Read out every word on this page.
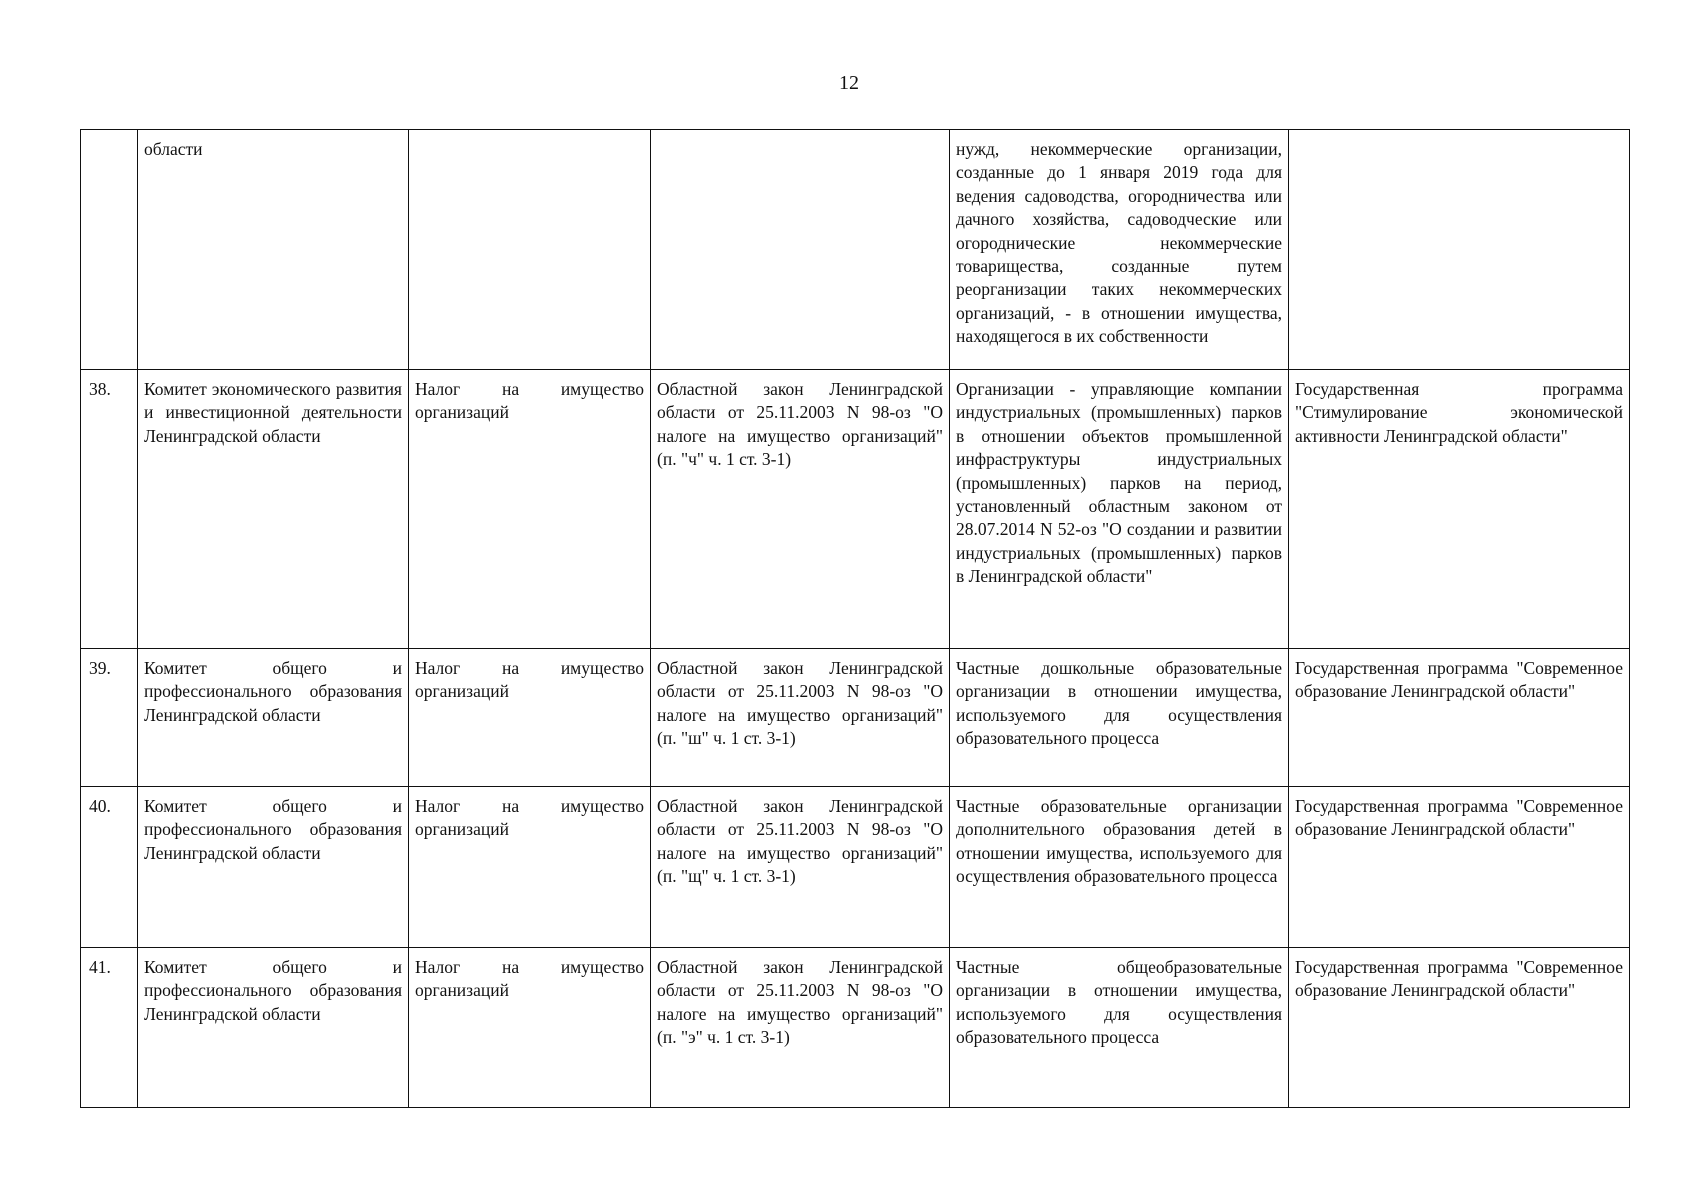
12
	области			нужд, некоммерческие организации, созданные до 1 января 2019 года для ведения садоводства, огородничества или дачного хозяйства, садоводческие или огороднические некоммерческие товарищества, созданные путем реорганизации таких некоммерческих организаций, - в отношении имущества, находящегося в их собственности	
38.	Комитет экономического развития и инвестиционной деятельности Ленинградской области	Налог на имущество организаций	Областной закон Ленинградской области от 25.11.2003 N 98-оз "О налоге на имущество организаций" (п. "ч" ч. 1 ст. 3-1)	Организации - управляющие компании индустриальных (промышленных) парков в отношении объектов промышленной инфраструктуры индустриальных (промышленных) парков на период, установленный областным законом от 28.07.2014 N 52-оз "О создании и развитии индустриальных (промышленных) парков в Ленинградской области"	Государственная программа "Стимулирование экономической активности Ленинградской области"
39.	Комитет общего и профессионального образования Ленинградской области	Налог на имущество организаций	Областной закон Ленинградской области от 25.11.2003 N 98-оз "О налоге на имущество организаций" (п. "ш" ч. 1 ст. 3-1)	Частные дошкольные образовательные организации в отношении имущества, используемого для осуществления образовательного процесса	Государственная программа "Современное образование Ленинградской области"
40.	Комитет общего и профессионального образования Ленинградской области	Налог на имущество организаций	Областной закон Ленинградской области от 25.11.2003 N 98-оз "О налоге на имущество организаций" (п. "щ" ч. 1 ст. 3-1)	Частные образовательные организации дополнительного образования детей в отношении имущества, используемого для осуществления образовательного процесса	Государственная программа "Современное образование Ленинградской области"
41.	Комитет общего и профессионального образования Ленинградской области	Налог на имущество организаций	Областной закон Ленинградской области от 25.11.2003 N 98-оз "О налоге на имущество организаций" (п. "э" ч. 1 ст. 3-1)	Частные общеобразовательные организации в отношении имущества, используемого для осуществления образовательного процесса	Государственная программа "Современное образование Ленинградской области"
